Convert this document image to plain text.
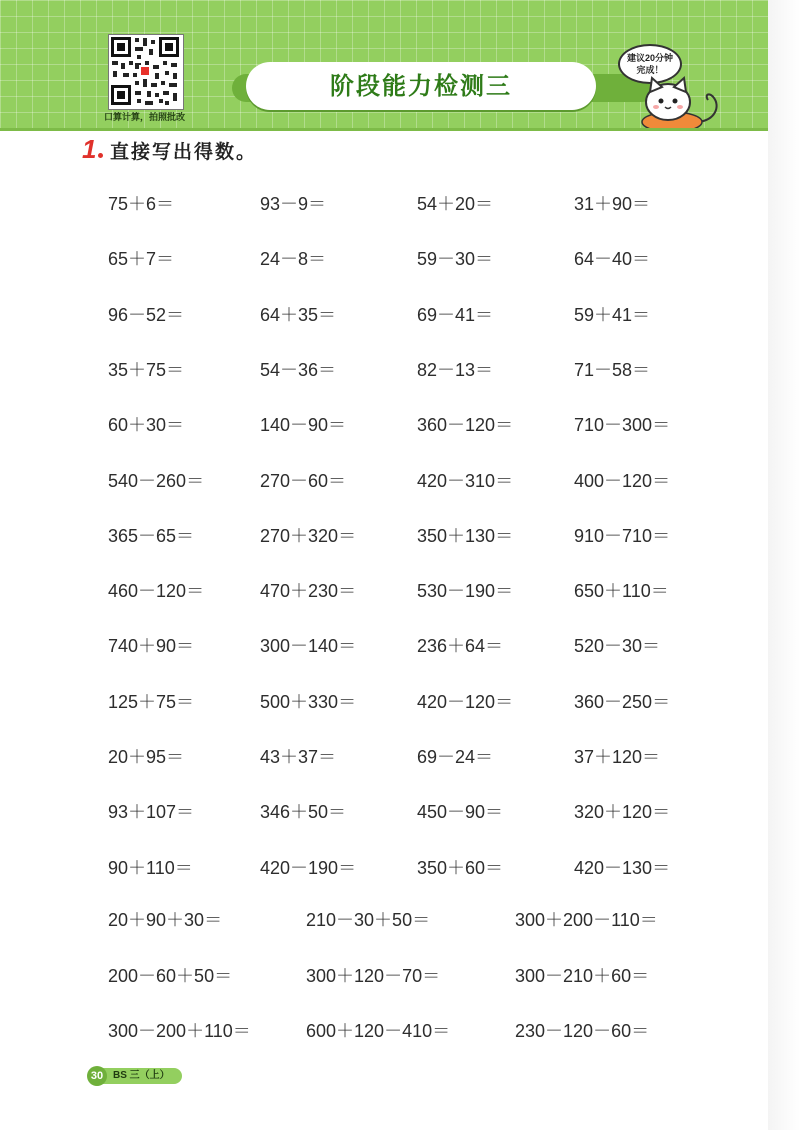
口算计算，拍照批改
阶段能力检测三
建议20分钟完成！
1 直接写出得数。
75＋6＝	93－9＝	54＋20＝	31＋90＝
65＋7＝	24－8＝	59－30＝	64－40＝
96－52＝	64＋35＝	69－41＝	59＋41＝
35＋75＝	54－36＝	82－13＝	71－58＝
60＋30＝	140－90＝	360－120＝	710－300＝
540－260＝	270－60＝	420－310＝	400－120＝
365－65＝	270＋320＝	350＋130＝	910－710＝
460－120＝	470＋230＝	530－190＝	650＋110＝
740＋90＝	300－140＝	236＋64＝	520－30＝
125＋75＝	500＋330＝	420－120＝	360－250＝
20＋95＝	43＋37＝	69－24＝	37＋120＝
93＋107＝	346＋50＝	450－90＝	320＋120＝
90＋110＝	420－190＝	350＋60＝	420－130＝
20＋90＋30＝	210－30＋50＝	300＋200－110＝
200－60＋50＝	300＋120－70＝	300－210＋60＝
300－200＋110＝	600＋120－410＝	230－120－60＝
30 BS 三（上）
